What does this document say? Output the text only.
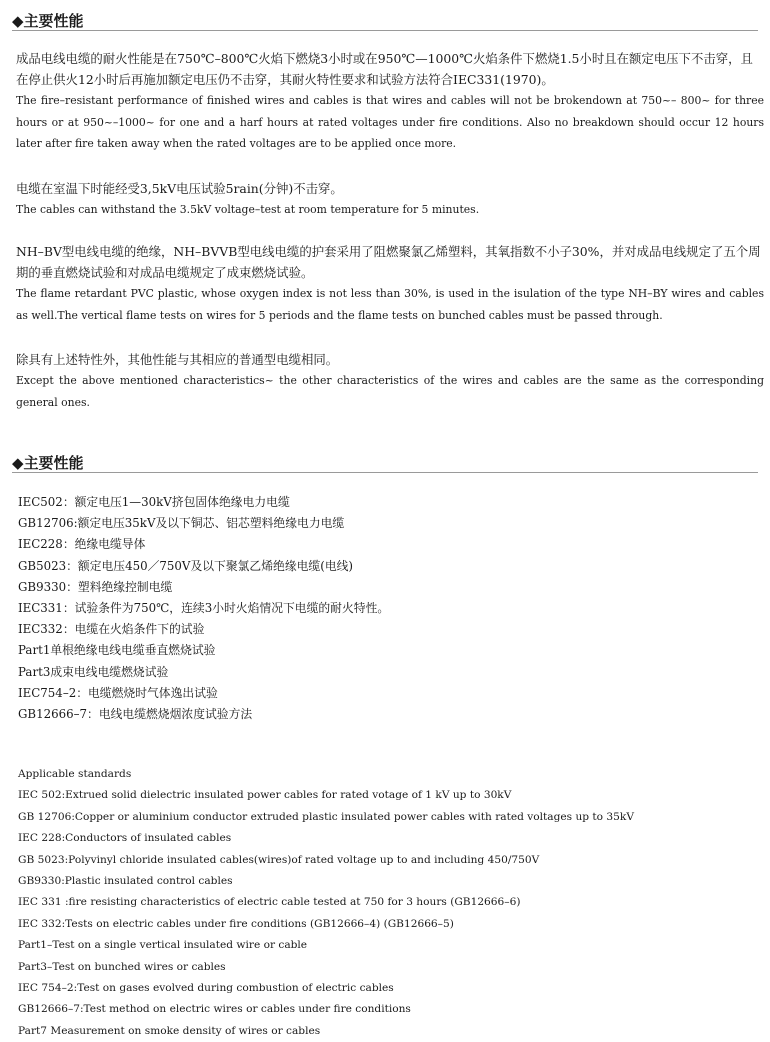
◆主要性能
成品电线电缆的耐火性能是在750℃–800℃火焰下燃烧3小时或在950℃—1000℃火焰条件下燃烧1.5小时且在额定电压下不击穿，且在停止供火12小时后再施加额定电压仍不击穿，其耐火特性要求和试验方法符合IEC331(1970)。
The fire–resistant performance of finished wires and cables is that wires and cables will not be brokendown at 750~– 800~ for three hours or at 950~–1000~ for one and a harf hours at rated voltages under fire conditions. Also no breakdown should occur 12 hours later after fire taken away when the rated voltages are to be applied once more.
电缆在室温下时能经受3,5kV电压试验5rain(分钟)不击穿。
The cables can withstand the 3.5kV voltage–test at room temperature for 5 minutes.
NH–BV型电线电缆的绝缘，NH–BVVB型电线电缆的护套采用了阻燃聚氯乙烯塑料，其氧指数不小子30%，并对成品电线规定了五个周期的垂直燃烧试验和对成品电缆规定了成束燃烧试验。
The flame retardant PVC plastic, whose oxygen index is not less than 30%, is used in the isulation of the type NH–BY wires and cables as well.The vertical flame tests on wires for 5 periods and the flame tests on bunched cables must be passed through.
除具有上述特性外，其他性能与其相应的普通型电缆相同。
Except the above mentioned characteristics~ the other characteristics of the wires and cables are the same as the corresponding general ones.
◆主要性能
IEC502：额定电压1—30kV挤包固体绝缘电力电缆
GB12706:额定电压35kV及以下铜芯、铝芯塑料绝缘电力电缆
IEC228：绝缘电缆导体
GB5023：额定电压450／750V及以下聚氯乙烯绝缘电缆(电线)
GB9330：塑料绝缘控制电缆
IEC331：试验条件为750℃，连续3小时火焰情况下电缆的耐火特性。
IEC332：电缆在火焰条件下的试验
Part1单根绝缘电线电缆垂直燃烧试验
Part3成束电线电缆燃烧试验
IEC754–2：电缆燃烧时气体逸出试验
GB12666–7：电线电缆燃烧烟浓度试验方法
Applicable standards
IEC 502:Extrued solid dielectric insulated power cables for rated votage of 1 kV up to 30kV
GB 12706:Copper or aluminium conductor extruded plastic insulated power cables with rated voltages up to 35kV
IEC 228:Conductors of insulated cables
GB 5023:Polyvinyl chloride insulated cables(wires)of rated voltage up to and including 450/750V
GB9330:Plastic insulated control cables
IEC 331 :fire resisting characteristics of electric cable tested at 750 for 3 hours (GB12666–6)
IEC 332:Tests on electric cables under fire conditions (GB12666–4) (GB12666–5)
Part1–Test on a single vertical insulated wire or cable
Part3–Test on bunched wires or cables
IEC 754–2:Test on gases evolved during combustion of electric cables
GB12666–7:Test method on electric wires or cables under fire conditions
Part7 Measurement on smoke density of wires or cables
